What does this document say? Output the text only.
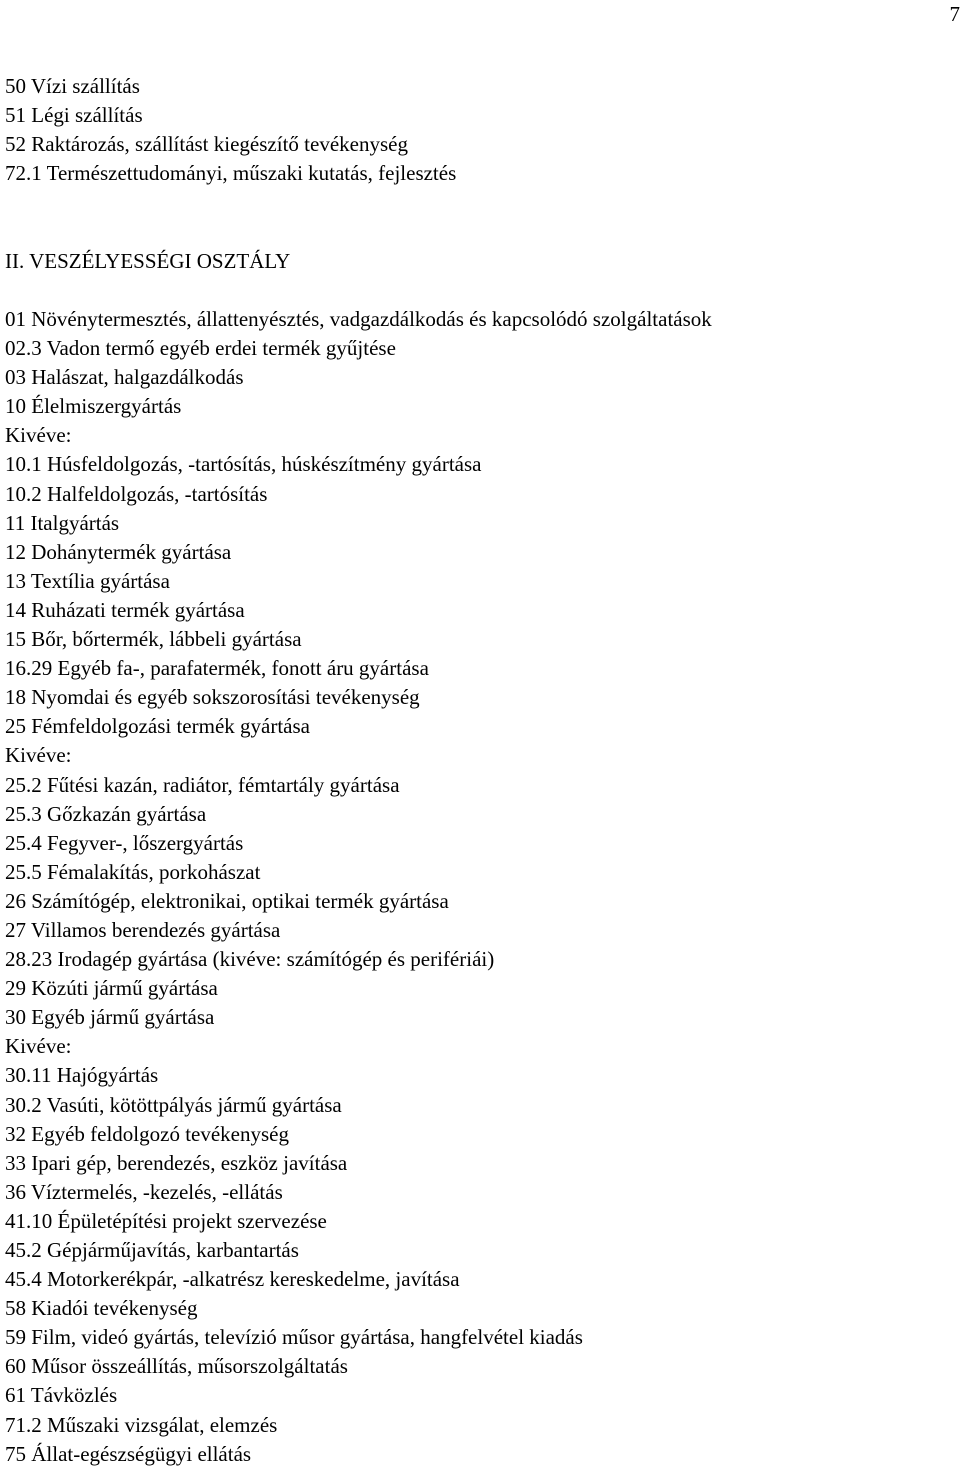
7
50 Vízi szállítás
51 Légi szállítás
52 Raktározás, szállítást kiegészítő tevékenység
72.1 Természettudományi, műszaki kutatás, fejlesztés
II. VESZÉLYESSÉGI OSZTÁLY
01 Növénytermesztés, állattenyésztés, vadgazdálkodás és kapcsolódó szolgáltatások
02.3 Vadon termő egyéb erdei termék gyűjtése
03 Halászat, halgazdálkodás
10 Élelmiszergyártás
Kivéve:
10.1 Húsfeldolgozás, -tartósítás, húskészítmény gyártása
10.2 Halfeldolgozás, -tartósítás
11 Italgyártás
12 Dohánytermék gyártása
13 Textília gyártása
14 Ruházati termék gyártása
15 Bőr, bőrtermék, lábbeli gyártása
16.29 Egyéb fa-, parafatermék, fonott áru gyártása
18 Nyomdai és egyéb sokszorosítási tevékenység
25 Fémfeldolgozási termék gyártása
Kivéve:
25.2 Fűtési kazán, radiátor, fémtartály gyártása
25.3 Gőzkazán gyártása
25.4 Fegyver-, lőszergyártás
25.5 Fémalakítás, porkohászat
26 Számítógép, elektronikai, optikai termék gyártása
27 Villamos berendezés gyártása
28.23 Irodagép gyártása (kivéve: számítógép és perifériái)
29 Közúti jármű gyártása
30 Egyéb jármű gyártása
Kivéve:
30.11 Hajógyártás
30.2 Vasúti, kötöttpályás jármű gyártása
32 Egyéb feldolgozó tevékenység
33 Ipari gép, berendezés, eszköz javítása
36 Víztermelés, -kezelés, -ellátás
41.10 Épületépítési projekt szervezése
45.2 Gépjárműjavítás, karbantartás
45.4 Motorkerékpár, -alkatrész kereskedelme, javítása
58 Kiadói tevékenység
59 Film, videó gyártás, televízió műsor gyártása, hangfelvétel kiadás
60 Műsor összeállítás, műsorszolgáltatás
61 Távközlés
71.2 Műszaki vizsgálat, elemzés
75 Állat-egészségügyi ellátás
